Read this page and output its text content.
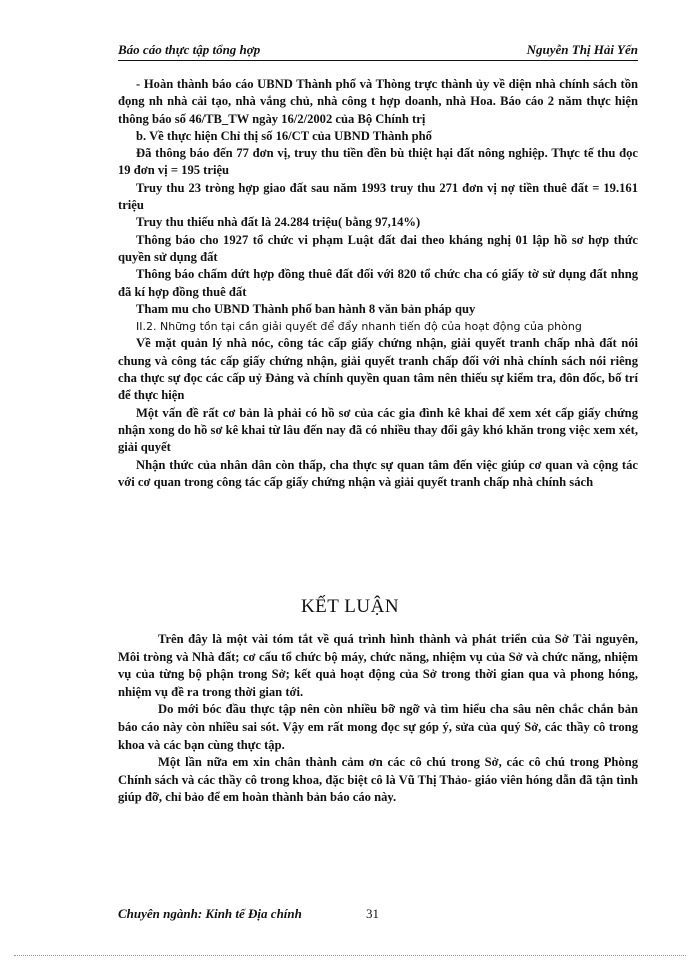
Báo cáo thực tập tổng hợp	Nguyễn Thị Hải Yến

- Hoàn thành báo cáo UBND Thành phố và Thòng trực thành ủy về diện nhà chính sách tồn đọng nh nhà cải tạo, nhà vắng chủ, nhà công t hợp doanh, nhà Hoa. Báo cáo 2 năm thực hiện thông báo số 46/TB_TW ngày 16/2/2002 của Bộ Chính trị

b. Về thực hiện Chỉ thị số 16/CT của UBND Thành phố

Đã thông báo đến 77 đơn vị, truy thu tiền đền bù thiệt hại đất nông nghiệp. Thực tế thu đọc 19 đơn vị = 195 triệu

Truy thu 23 tròng hợp giao đất sau năm 1993 truy thu 271 đơn vị nợ tiền thuê đất = 19.161 triệu

Truy thu thiếu nhà đất là 24.284 triệu( bằng 97,14%)

Thông báo cho 1927 tổ chức vi phạm Luật đất đai theo kháng nghị 01 lập hồ sơ hợp thức quyền sử dụng đất

Thông báo chấm dứt hợp đồng thuê đất đối với 820 tổ chức cha có giấy tờ sử dụng đất nhng đã kí hợp đồng thuê đất

Tham mu cho UBND Thành phố ban hành 8 văn bản pháp quy

II.2. Những tồn tại cần giải quyết để đẩy nhanh tiến độ của hoạt động của phòng

Về mặt quản lý nhà nóc, công tác cấp giấy chứng nhận, giải quyết tranh chấp nhà đất nói chung và công tác cấp giấy chứng nhận, giải quyết tranh chấp đối với nhà chính sách nói riêng cha thực sự đọc các cấp uỷ Đảng và chính quyền quan tâm nên thiếu sự kiểm tra, đôn đốc, bố trí để thực hiện

Một vấn đề rất cơ bản là phải có hồ sơ của các gia đình kê khai để xem xét cấp giấy chứng nhận xong do hồ sơ kê khai từ lâu đến nay đã có nhiều thay đổi gây khó khăn trong việc xem xét, giải quyết

Nhận thức của nhân dân còn thấp, cha thực sự quan tâm đến việc giúp cơ quan và cộng tác với cơ quan trong công tác cấp giấy chứng nhận và giải quyết tranh chấp nhà chính sách

KẾT LUẬN

Trên đây là một vài tóm tắt về quá trình hình thành và phát triển của Sở Tài nguyên, Môi tròng và Nhà đất; cơ cấu tổ chức bộ máy, chức năng, nhiệm vụ của Sở và chức năng, nhiệm vụ của từng bộ phận trong Sở; kết quả hoạt động của Sở trong thời gian qua và phong hóng, nhiệm vụ đề ra trong thời gian tới.

Do mới bóc đầu thực tập nên còn nhiều bỡ ngỡ và tìm hiểu cha sâu nên chắc chắn bản báo cáo này còn nhiều sai sót. Vậy em rất mong đọc sự góp ý, sửa của quý Sở, các thầy cô trong khoa và các bạn cùng thực tập.

Một lần nữa em xin chân thành cảm ơn các cô chú trong Sở, các cô chú trong Phòng Chính sách và các thầy cô trong khoa, đặc biệt cô là Vũ Thị Thảo- giáo viên hóng dẫn đã tận tình giúp đỡ, chỉ bảo để em hoàn thành bản báo cáo này.

Chuyên ngành: Kinh tế Địa chính	31
